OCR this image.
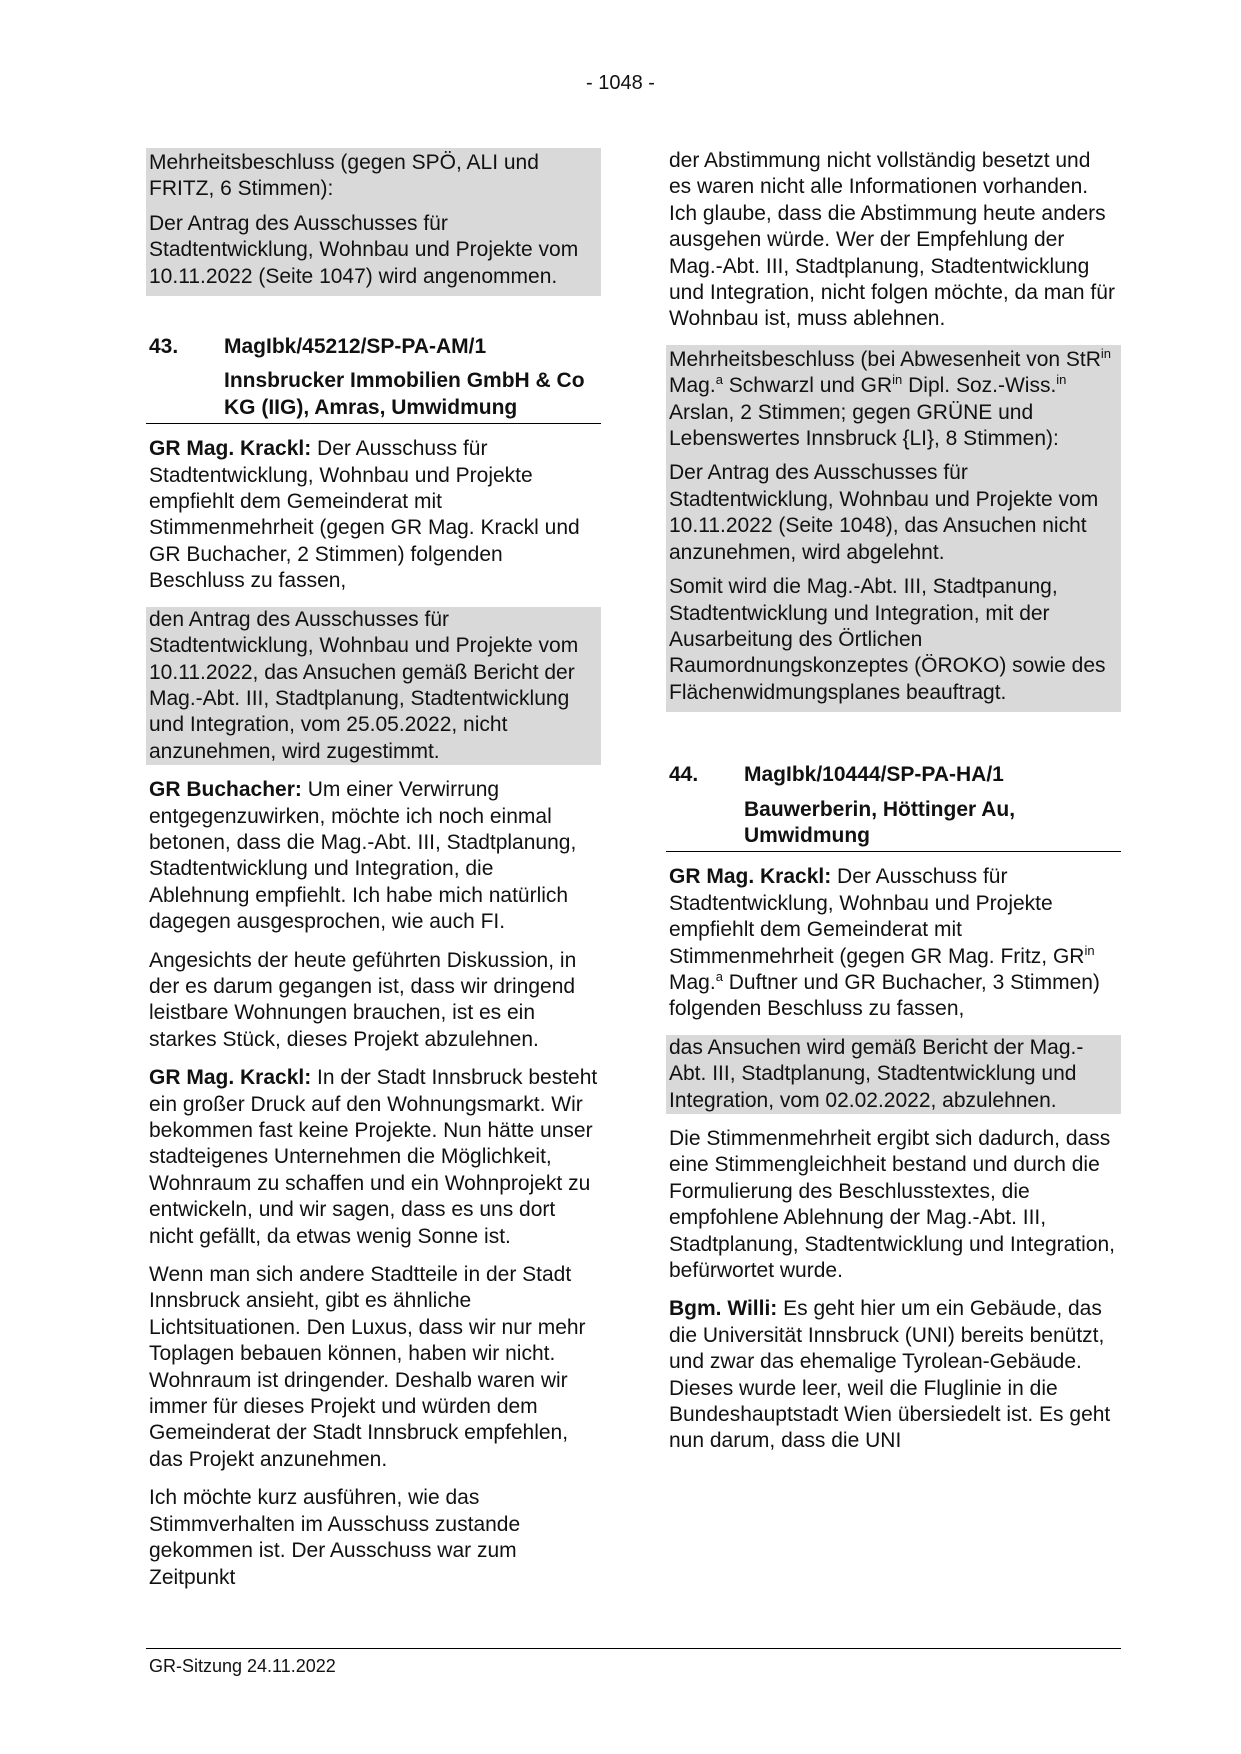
- 1048 -

Mehrheitsbeschluss (gegen SPÖ, ALI und FRITZ, 6 Stimmen):

Der Antrag des Ausschusses für Stadtentwicklung, Wohnbau und Projekte vom 10.11.2022 (Seite 1047) wird angenommen.

43.	MagIbk/45212/SP-PA-AM/1
Innsbrucker Immobilien GmbH & Co KG (IIG), Amras, Umwidmung

GR Mag. Krackl: Der Ausschuss für Stadtentwicklung, Wohnbau und Projekte empfiehlt dem Gemeinderat mit Stimmenmehrheit (gegen GR Mag. Krackl und GR Buchacher, 2 Stimmen) folgenden Beschluss zu fassen,

den Antrag des Ausschusses für Stadtentwicklung, Wohnbau und Projekte vom 10.11.2022, das Ansuchen gemäß Bericht der Mag.-Abt. III, Stadtplanung, Stadtentwicklung und Integration, vom 25.05.2022, nicht anzunehmen, wird zugestimmt.

GR Buchacher: Um einer Verwirrung entgegenzuwirken, möchte ich noch einmal betonen, dass die Mag.-Abt. III, Stadtplanung, Stadtentwicklung und Integration, die Ablehnung empfiehlt. Ich habe mich natürlich dagegen ausgesprochen, wie auch FI.

Angesichts der heute geführten Diskussion, in der es darum gegangen ist, dass wir dringend leistbare Wohnungen brauchen, ist es ein starkes Stück, dieses Projekt abzulehnen.

GR Mag. Krackl: In der Stadt Innsbruck besteht ein großer Druck auf den Wohnungsmarkt. Wir bekommen fast keine Projekte. Nun hätte unser stadteigenes Unternehmen die Möglichkeit, Wohnraum zu schaffen und ein Wohnprojekt zu entwickeln, und wir sagen, dass es uns dort nicht gefällt, da etwas wenig Sonne ist.

Wenn man sich andere Stadtteile in der Stadt Innsbruck ansieht, gibt es ähnliche Lichtsituationen. Den Luxus, dass wir nur mehr Toplagen bebauen können, haben wir nicht. Wohnraum ist dringender. Deshalb waren wir immer für dieses Projekt und würden dem Gemeinderat der Stadt Innsbruck empfehlen, das Projekt anzunehmen.

Ich möchte kurz ausführen, wie das Stimmverhalten im Ausschuss zustande gekommen ist. Der Ausschuss war zum Zeitpunkt

der Abstimmung nicht vollständig besetzt und es waren nicht alle Informationen vorhanden. Ich glaube, dass die Abstimmung heute anders ausgehen würde. Wer der Empfehlung der Mag.-Abt. III, Stadtplanung, Stadtentwicklung und Integration, nicht folgen möchte, da man für Wohnbau ist, muss ablehnen.

Mehrheitsbeschluss (bei Abwesenheit von StR$^{in}$ Mag.$^a$ Schwarzl und $GR^{in}$ Dipl. Soz.-Wiss.$^{in}$ Arslan, 2 Stimmen; gegen GRÜNE und Lebenswertes Innsbruck {LI}, 8 Stimmen):

Der Antrag des Ausschusses für Stadtentwicklung, Wohnbau und Projekte vom 10.11.2022 (Seite 1048), das Ansuchen nicht anzunehmen, wird abgelehnt.

Somit wird die Mag.-Abt. III, Stadtpanung, Stadtentwicklung und Integration, mit der Ausarbeitung des Örtlichen Raumordnungskonzeptes (ÖROKO) sowie des Flächenwidmungsplanes beauftragt.

44.	MagIbk/10444/SP-PA-HA/1
Bauwerberin, Höttinger Au, Umwidmung

GR Mag. Krackl: Der Ausschuss für Stadtentwicklung, Wohnbau und Projekte empfiehlt dem Gemeinderat mit Stimmenmehrheit (gegen GR Mag. Fritz, $GR^{in}$ Mag.$^a$ Duftner und GR Buchacher, 3 Stimmen) folgenden Beschluss zu fassen,

das Ansuchen wird gemäß Bericht der Mag.-Abt. III, Stadtplanung, Stadtentwicklung und Integration, vom 02.02.2022, abzulehnen.

Die Stimmenmehrheit ergibt sich dadurch, dass eine Stimmengleichheit bestand und durch die Formulierung des Beschlusstextes, die empfohlene Ablehnung der Mag.-Abt. III, Stadtplanung, Stadtentwicklung und Integration, befürwortet wurde.

Bgm. Willi: Es geht hier um ein Gebäude, das die Universität Innsbruck (UNI) bereits benützt, und zwar das ehemalige Tyrolean-Gebäude. Dieses wurde leer, weil die Fluglinie in die Bundeshauptstadt Wien übersiedelt ist. Es geht nun darum, dass die UNI

GR-Sitzung 24.11.2022
